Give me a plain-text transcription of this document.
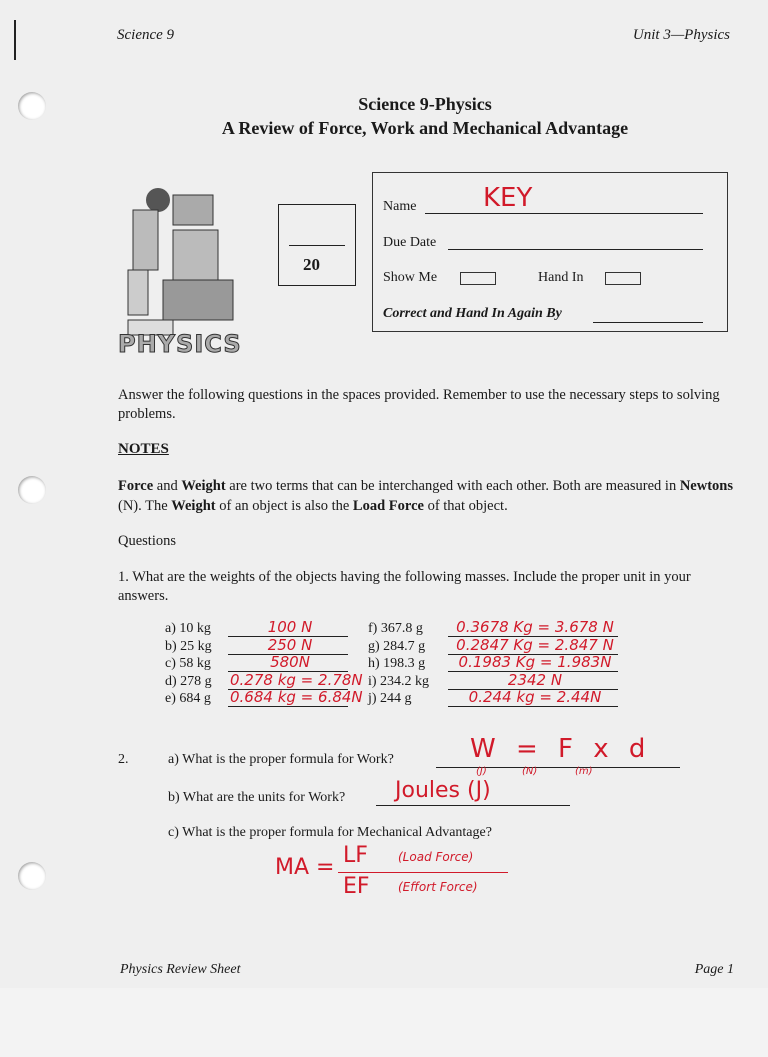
Science 9	Unit 3—Physics
Science 9-Physics
A Review of Force, Work and Mechanical Advantage
PHYSICS
20
Name	KEY
Due Date
Show Me	Hand In
Correct and Hand In Again By
Answer the following questions in the spaces provided. Remember to use the necessary steps to solving problems.
NOTES
Force and Weight are two terms that can be interchanged with each other. Both are measured in Newtons (N). The Weight of an object is also the Load Force of that object.
Questions
1. What are the weights of the objects having the following masses. Include the proper unit in your answers.
a) 10 kg	100 N
b) 25 kg	250 N
c) 58 kg	580N
d) 278 g 0.278 kg = 2.78N
e) 684 g 0.684 kg = 6.84N
f) 367.8 g	0.3678 Kg = 3.678 N
g) 284.7 g	0.2847 Kg = 2.847 N
h) 198.3 g	0.1983 Kg = 1.983N
i) 234.2 kg	2342 N
j) 244 g	0.244 kg = 2.44N
2.	a) What is the proper formula for Work?	W = F x d
(J)	(N)	(m)
b) What are the units for Work? Joules (J)
c) What is the proper formula for Mechanical Advantage?
MA = LF	(Load Force)
EF (Effort Force)
Physics Review Sheet	Page 1
